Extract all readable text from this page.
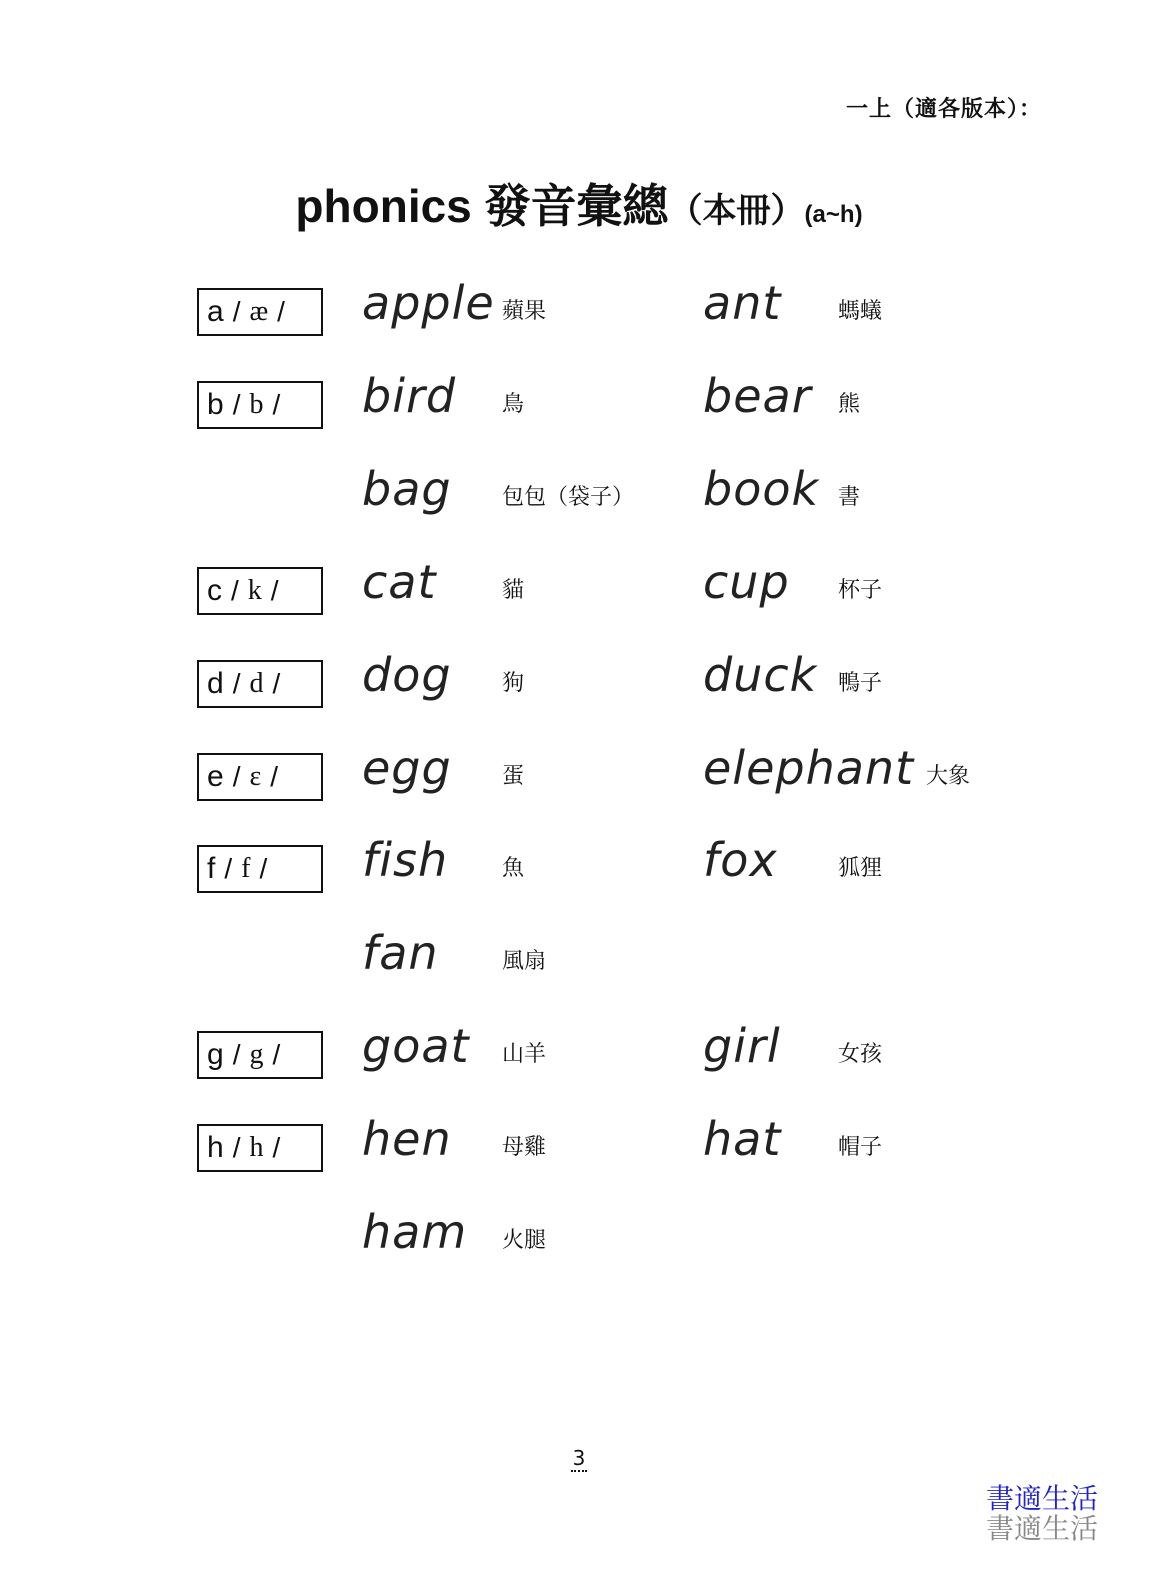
一上（適各版本）：
phonics 發音彙總（本冊）(a~h)
a / æ / apple 蘋果	ant	螞蟻
b / b / bird 鳥	bear 熊
bag 包包（袋子） book 書
c / k / cat	貓	cup 杯子
d / d / dog 狗	duck 鴨子
e / ɛ / egg 蛋	elephant 大象
f / f / fish 魚	fox	狐狸
fan	風扇
g / g / goat 山羊	girl	女孩
h / h / hen 母雞	hat	帽子
ham 火腿
3
書適生活
書適生活
